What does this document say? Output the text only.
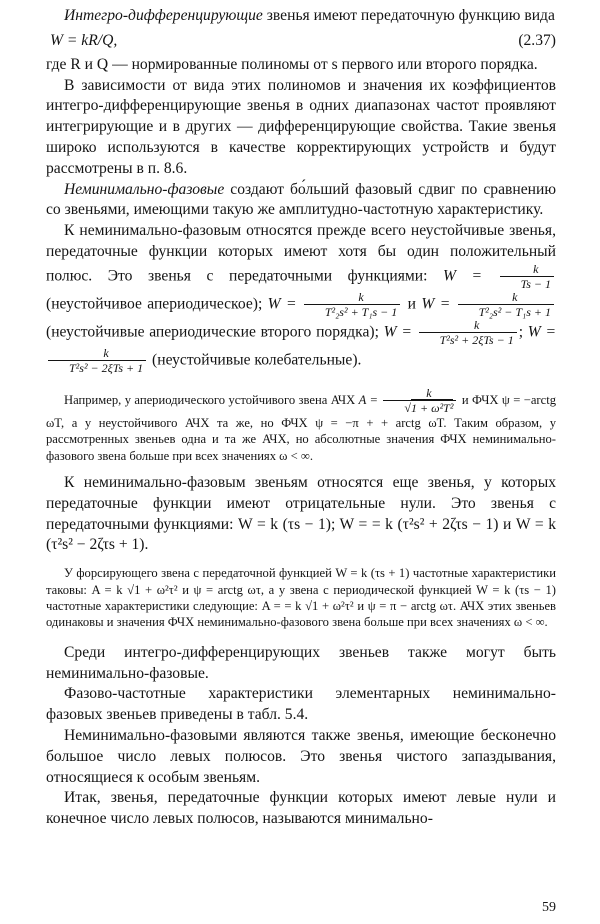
Интегро-дифференцирующие звенья имеют передаточную функцию вида

W = kR/Q,	(2.37)

где R и Q — нормированные полиномы от s первого или второго порядка.

В зависимости от вида этих полиномов и значения их коэффициентов интегро-дифференцирующие звенья в одних диапазонах частот проявляют интегрирующие и в других — дифференцирующие свойства. Такие звенья широко используются в качестве корректирующих устройств и будут рассмотрены в п. 8.6.

Неминимально-фазовые создают бо́льший фазовый сдвиг по сравнению со звеньями, имеющими такую же амплитудно-частотную характеристику.

К неминимально-фазовым относятся прежде всего неустойчивые звенья, передаточные функции которых имеют хотя бы один положительный полюс. Это звенья с передаточными функциями: $W = \frac{k}{Ts - 1}$
(неустойчивое апериодическое); $W = \frac{k}{\text{T²₂s² + T₁s − 1}}$ и $W = \frac{k}{\text{T²₂s² − T₁s + 1}}$
(неустойчивые апериодические второго порядка); $W = \frac{k}{\text{T²s² + 2ξTs − 1}}$ ; W =
$\frac{k}{\text{T²s² − 2ξTs + 1}}$ (неустойчивые колебательные).

Например, у апериодического устойчивого звена АЧХ $A = \frac{k}{\text{√1 + ω²T²}}$ и ФЧХ ψ = −arctg ωT, а у неустойчивого АЧХ та же, но ФЧХ ψ = −π + + arctg ωT. Таким образом, у рассмотренных звеньев одна и та же АЧХ, но абсолютные значения ФЧХ неминимально-фазового звена больше при всех значениях ω < ∞.

К неминимально-фазовым звеньям относятся еще звенья, у которых передаточные функции имеют отрицательные нули. Это звенья с передаточными функциями: W = k (τs − 1); W = = k (τ²s² + 2ζτs − 1) и W = k (τ²s² − 2ζτs + 1).

У форсирующего звена с передаточной функцией W = k (τs + 1) частотные характеристики таковы: A = k √1 + ω²τ² и ψ = arctg ωτ, а у звена с периодической функцией W = k (τs − 1) частотные характеристики следующие: A = = k √1 + ω²τ² и ψ = π − arctg ωτ. АЧХ этих звеньев одинаковы и значения ФЧХ неминимально-фазового звена больше при всех значениях ω < ∞.

Среди интегро-дифференцирующих звеньев также могут быть неминимально-фазовые.

Фазово-частотные характеристики элементарных неминимально-фазовых звеньев приведены в табл. 5.4.

Неминимально-фазовыми являются также звенья, имеющие бесконечно большое число левых полюсов. Это звенья чистого запаздывания, относящиеся к особым звеньям.

Итак, звенья, передаточные функции которых имеют левые нули и конечное число левых полюсов, называются минимально-

59
